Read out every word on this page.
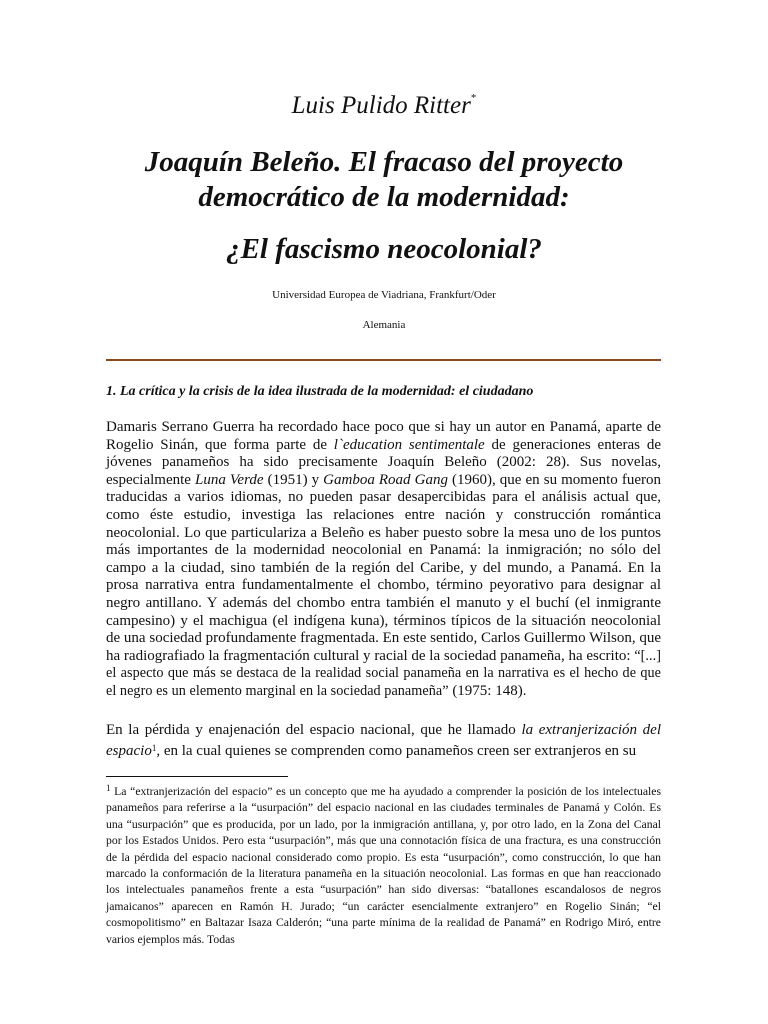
Luis Pulido Ritter*
Joaquín Beleño. El fracaso del proyecto
democrático de la modernidad:
¿El fascismo neocolonial?
Universidad Europea de Viadriana, Frankfurt/Oder
Alemania
1. La crítica y la crisis de la idea ilustrada de la modernidad: el ciudadano

Damaris Serrano Guerra ha recordado hace poco que si hay un autor en Panamá, aparte de Rogelio Sinán, que forma parte de l`education sentimentale de generaciones enteras de jóvenes panameños ha sido precisamente Joaquín Beleño (2002: 28). Sus novelas, especialmente Luna Verde (1951) y Gamboa Road Gang (1960), que en su momento fueron traducidas a varios idiomas, no pueden pasar desapercibidas para el análisis actual que, como éste estudio, investiga las relaciones entre nación y construcción romántica neocolonial. Lo que particulariza a Beleño es haber puesto sobre la mesa uno de los puntos más importantes de la modernidad neocolonial en Panamá: la inmigración; no sólo del campo a la ciudad, sino también de la región del Caribe, y del mundo, a Panamá. En la prosa narrativa entra fundamentalmente el chombo, término peyorativo para designar al negro antillano. Y además del chombo entra también el manuto y el buchí (el inmigrante campesino) y el machigua (el indígena kuna), términos típicos de la situación neocolonial de una sociedad profundamente fragmentada. En este sentido, Carlos Guillermo Wilson, que ha radiografiado la fragmentación cultural y racial de la sociedad panameña, ha escrito: “[...] el aspecto que más se destaca de la realidad social panameña en la narrativa es el hecho de que el negro es un elemento marginal en la sociedad panameña” (1975: 148).

En la pérdida y enajenación del espacio nacional, que he llamado la extranjerización del espacio$^1$, en la cual quienes se comprenden como panameños creen ser extranjeros en su

$^1$ La “extranjerización del espacio” es un concepto que me ha ayudado a comprender la posición de los intelectuales panameños para referirse a la “usurpación” del espacio nacional en las ciudades terminales de Panamá y Colón. Es una “usurpación” que es producida, por un lado, por la inmigración antillana, y, por otro lado, en la Zona del Canal por los Estados Unidos. Pero esta “usurpación”, más que una connotación física de una fractura, es una construcción de la pérdida del espacio nacional considerado como propio. Es esta “usurpación”, como construcción, lo que han marcado la conformación de la literatura panameña en la situación neocolonial. Las formas en que han reaccionado los intelectuales panameños frente a esta “usurpación” han sido diversas: “batallones escandalosos de negros jamaicanos” aparecen en Ramón H. Jurado; “un carácter esencialmente extranjero” en Rogelio Sinán; “el cosmopolitismo” en Baltazar Isaza Calderón; “una parte mínima de la realidad de Panamá” en Rodrigo Miró, entre varios ejemplos más. Todas
